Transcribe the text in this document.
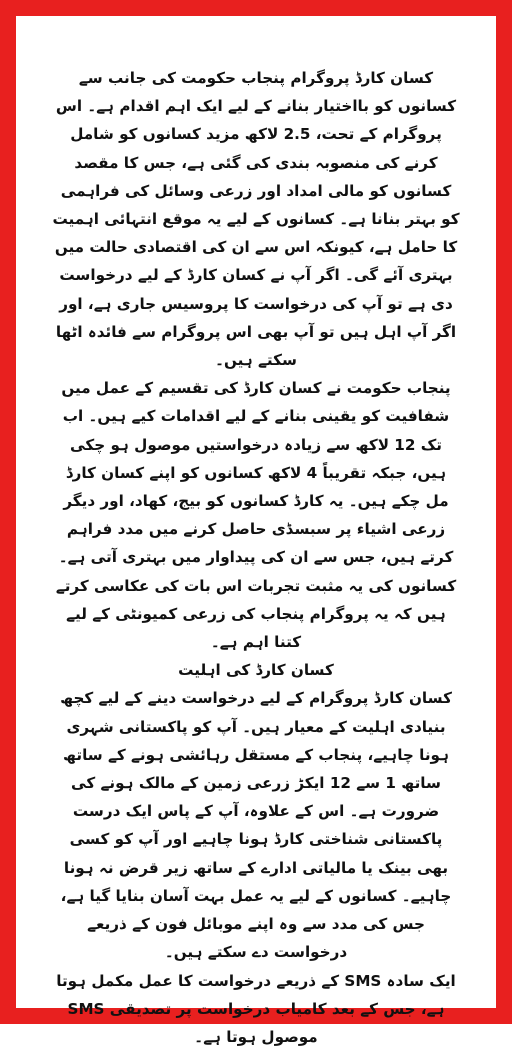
کسان کارڈ پروگرام پنجاب حکومت کی جانب سے کسانوں کو بااختیار بنانے کے لیے ایک اہم اقدام ہے۔ اس پروگرام کے تحت، 2.5 لاکھ مزید کسانوں کو شامل کرنے کی منصوبہ بندی کی گئی ہے، جس کا مقصد کسانوں کو مالی امداد اور زرعی وسائل کی فراہمی کو بہتر بنانا ہے۔ کسانوں کے لیے یہ موقع انتہائی اہمیت کا حامل ہے، کیونکہ اس سے ان کی اقتصادی حالت میں بہتری آئے گی۔ اگر آپ نے کسان کارڈ کے لیے درخواست دی ہے تو آپ کی درخواست کا پروسیس جاری ہے، اور اگر آپ اہل ہیں تو آپ بھی اس پروگرام سے فائدہ اٹھا سکتے ہیں۔

پنجاب حکومت نے کسان کارڈ کی تقسیم کے عمل میں شفافیت کو یقینی بنانے کے لیے اقدامات کیے ہیں۔ اب تک 12 لاکھ سے زیادہ درخواستیں موصول ہو چکی ہیں، جبکہ تقریباً 4 لاکھ کسانوں کو اپنے کسان کارڈ مل چکے ہیں۔ یہ کارڈ کسانوں کو بیج، کھاد، اور دیگر زرعی اشیاء پر سبسڈی حاصل کرنے میں مدد فراہم کرتے ہیں، جس سے ان کی پیداوار میں بہتری آتی ہے۔ کسانوں کی یہ مثبت تجربات اس بات کی عکاسی کرتے ہیں کہ یہ پروگرام پنجاب کی زرعی کمیونٹی کے لیے کتنا اہم ہے۔

کسان کارڈ کی اہلیت

کسان کارڈ پروگرام کے لیے درخواست دینے کے لیے کچھ بنیادی اہلیت کے معیار ہیں۔ آپ کو پاکستانی شہری ہونا چاہیے، پنجاب کے مستقل رہائشی ہونے کے ساتھ ساتھ 1 سے 12 ایکڑ زرعی زمین کے مالک ہونے کی ضرورت ہے۔ اس کے علاوہ، آپ کے پاس ایک درست پاکستانی شناختی کارڈ ہونا چاہیے اور آپ کو کسی بھی بینک یا مالیاتی ادارے کے ساتھ زیر قرض نہ ہونا چاہیے۔ کسانوں کے لیے یہ عمل بہت آسان بنایا گیا ہے، جس کی مدد سے وہ اپنے موبائل فون کے ذریعے درخواست دے سکتے ہیں۔

ایک سادہ SMS کے ذریعے درخواست کا عمل مکمل ہوتا ہے، جس کے بعد کامیاب درخواست پر تصدیقی SMS موصول ہوتا ہے۔
